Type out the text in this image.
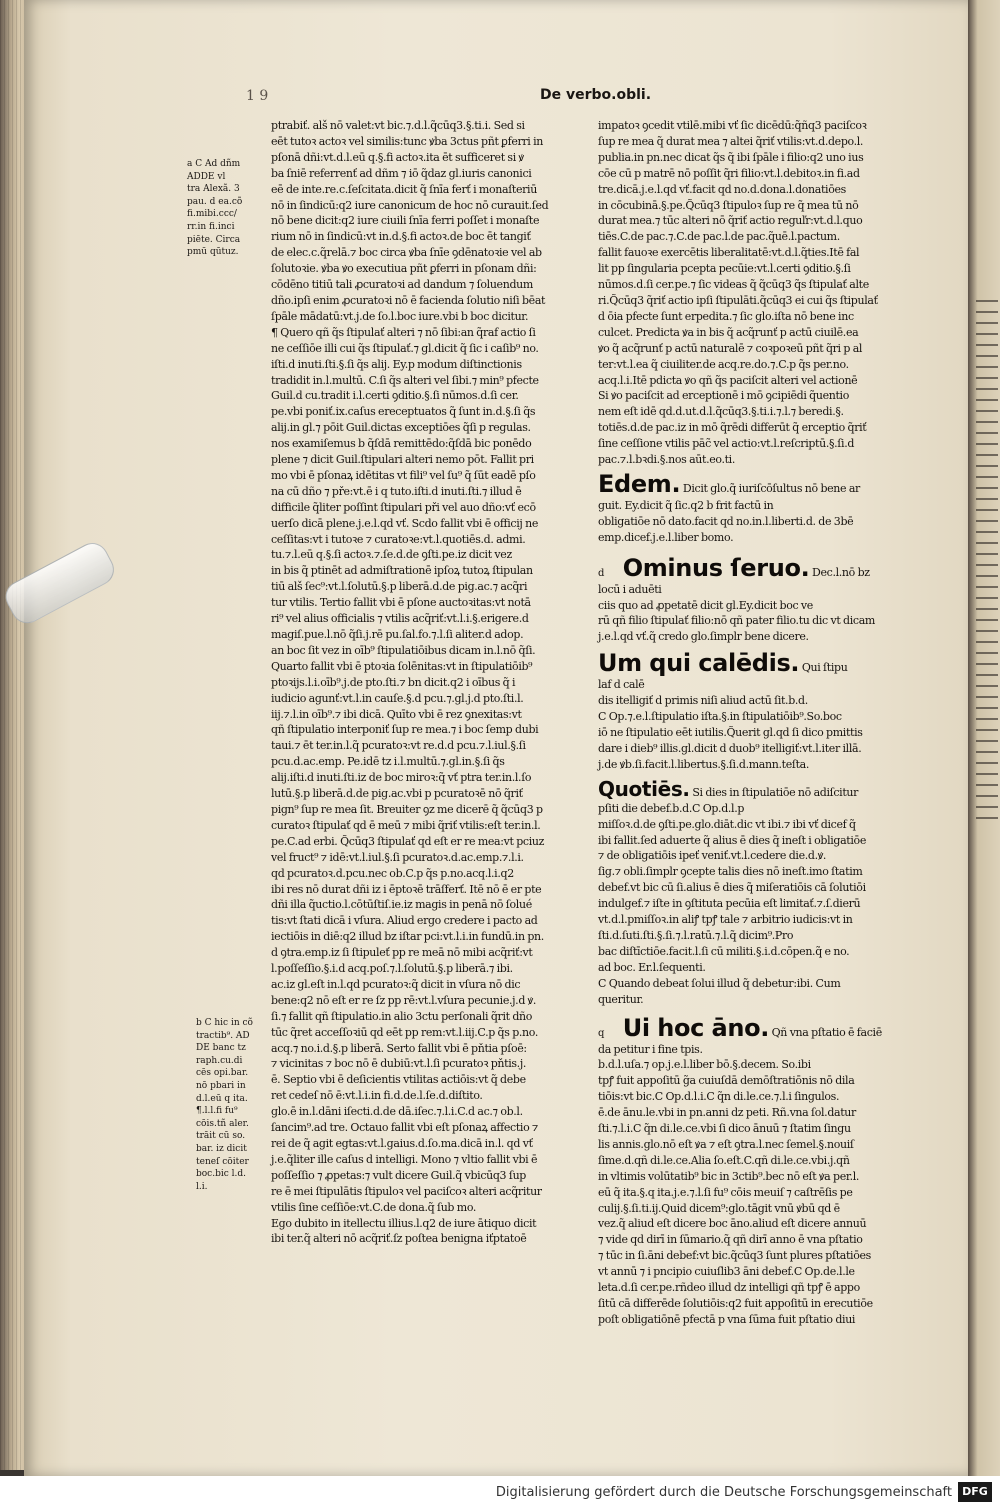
1 9	De verbo.obli.
a C Ad dñm
ADDE vl
tra Alexã. 3
pau. d ea.cõ
fi.mibi.ccc/
rr.in fi.inci
piēte. Circa
pmū qūtuz.
b C hic in cõ
tractib⁹. AD
DE banc tz
raph.cu.di
cēs opi.bar.
nō pbari in
d.l.eū q ita.
¶.l.l.fi fu⁹
cōis.tñ aler.
trāit cū so.
bar. iz dicit
teneſ cōiter
boc.bic l.d.
l.i.
ptrabiť. alš nō valet:vt bic.⁊.d.l.q̃cūq3.§.ti.i. Sed si
eēt tutoꝛ actoꝛ vel similis:tunc ꝟba 3ctus pñt ꝑferri in
pſonā dñi:vt.d.l.eū q.§.fi actoꝛ.ita ēt sufficeret si ꝟ
ba ſniē referrenť ad dñm ⁊ iō q̃daz gl.iuris canonici
eē de inte.re.c.ſeſcitata.dicit q̃ ſnīa ferť i monaſteriū
nō in ſindicū:q2 iure canonicum de hoc nō curauit.ſed
nō bene dicit:q2 iure ciuili ſnīa ferri poſſet i monaſte
rium nō in ſindicū:vt in.d.§.fi actoꝛ.de boc ēt tangiť
de elec.c.q̃relā.⁊ boc circa ꝟba ſnīe ꝯdēnatoꝛie vel ab
ſolutoꝛie. ꝟba ꝟo executiua pñt ꝑferri in pſonam dñi:
cōdēno titiū tali ꝓcuratoꝛi ad dandum ⁊ ſoluendum
dño.ipſi enim ꝓcuratoꝛi nō ē facienda ſolutio niſi bēat
ſpāle mādatū:vt.j.de ſo.l.boc iure.vbi b boc dicitur.
¶ Quero qñ q̃s ſtipulať alteri ⁊ nō ſibi:an q̃raf actio ſi
ne ceſſiōe illi cui q̃s ſtipulať.⁊ gl.dicit q̃ ſic i caſib⁹ no.
iſti.d inuti.ſti.§.ſi q̃s alij. Ey.p modum diſtinctionis
tradidit in.l.multū. C.ſi q̃s alteri vel ſibi.⁊ min⁹ pfecte
Guil.d cu.tradit i.l.certi ꝯditio.§.ſi nūmos.d.ſi cer.
pe.vbi poniť.ix.caſus ereceptuatos q̃ ſunt in.d.§.ſi q̃s
alij.in gl.⁊ pōit Guil.dictas exceptiōes q̃ſi p regulas.
nos examiſemus b q̃ſdā remittēdo:q̃ſdā bic ponēdo
plene ⁊ dicit Guil.ſtipulari alteri nemo pōt. Fallit pri
mo vbi ē pſonaꝝ idētitas vt fili⁹ vel ſu⁹ q̃ ſūt eadē pſo
na cū dño ⁊ pře:vt.ē i q tuto.iſti.d inuti.ſti.⁊ illud ē
difficile q̃liter poſſint ſtipulari při vel auo dño:vť ecō
uerſo dicā plene.j.e.l.qd vť. Scdo fallit vbi ē officij ne
ceſſitas:vt i tutoꝛe ⁊ curatoꝛe:vt.l.quotiēs.d. admi.
tu.⁊.l.eū q.§.ſi actoꝛ.⁊.ſe.d.de ꝯſti.pe.iz dicit vez
in bis q̃ ptinēt ad admiſtrationē ipſoꝝ tutoꝝ ſtipulan
tiū alš ſec⁹:vt.l.ſolutū.§.p liberā.d.de pig.ac.⁊ acq̃ri
tur vtilis. Tertio fallit vbi ē pſone auctoꝛitas:vt notā
ri⁹ vel alius officialis ⁊ vtilis acq̃riť:vt.l.i.§.erigere.d
magiſ.pue.l.nō q̃ſi.j.rē pu.ſal.fo.⁊.l.ſi aliter.d adop.
an boc ſit vez in oīb⁹ ſtipulatiōibus dicam in.l.nō q̃ſi.
Quarto fallit vbi ē ptoꝛia ſolēnitas:vt in ſtipulatiōib⁹
ptoꝛijs.l.i.oīb⁹.j.de pto.ſti.⁊ bn dicit.q2 i oībus q̃ i
iudicio agunť:vt.l.in cauſe.§.d pcu.⁊.gl.j.d pto.ſti.l.
iij.⁊.l.in oīb⁹.⁊ ibi dicā. Quīto vbi ē rez ꝯnexitas:vt
qñ ſtipulatio interponiť ſup re mea.⁊ i boc ſemp dubi
taui.⁊ ēt ter.in.l.q̃ pcuratoꝛ:vt re.d.d pcu.⁊.l.iul.§.ſi
pcu.d.ac.emp. Pe.idē tz i.l.multū.⁊.gl.in.§.ſi q̃s
alij.iſti.d inuti.ſti.iz de boc miroꝛ:q̃ vť ptra ter.in.l.ſo
lutū.§.p liberā.d.de pig.ac.vbi p pcuratoꝛē nō q̃riť
pign⁹ ſup re mea ſit. Breuiter ꝯz me dicerē q̃ q̃cūq3 p
curatoꝛ ſtipulať qd ē meū ⁊ mibi q̃riť vtilis:eſt ter.in.l.
pe.C.ad erbi. Q̃cūq3 ſtipulať qd eſt er re mea:vt pciuz
vel fruct⁹ ⁊ idē:vt.l.iul.§.ſi pcuratoꝛ.d.ac.emp.⁊.l.i.
qd pcuratoꝛ.d.pcu.nec ob.C.p q̃s p.no.acq.l.i.q2
ibi res nō durat dñi iz i ēptoꝛē trāſferť. Itē nō ē er pte
dñi illa q̃uctio.l.cōtūſtiſ.ie.iz magis in penā nō ſolué
tis:vt ſtati dicā i vſura. Aliud ergo credere i pacto ad
iectiōis in diē:q2 illud bz iſtar pci:vt.l.i.in fundū.in pn.
d ꝯtra.emp.iz ſi ſtipuleť pp re meā nō mibi acq̃riť:vt
l.poſſeſſio.§.i.d acq.poſ.⁊.l.ſolutū.§.p liberā.⁊ ibi.
ac.iz gl.eſt in.l.qd pcuratoꝛ:q̃ dicit in vſura nō dic
bene:q2 nō eſt er re ſz pp rē:vt.l.vſura pecunie.j.d ꝟ.
ſi.⁊ fallit qñ ſtipulatio.in alio 3ctu perſonali q̃rit dño
tūc q̃ret acceſſoꝛiū qd eēt pp rem:vt.l.iij.C.p q̃s p.no.
acq.⁊ no.i.d.§.p liberā. Serto fallit vbi ē pňtia pſoē:
⁊ vicinitas ⁊ boc nō ē dubiū:vt.l.ſi pcuratoꝛ pňtis.j.
ē. Septio vbi ē deſicientis vtilitas actiōis:vt q̃ debe
ret cedeſ nō ē:vt.l.i.in fi.d.de.l.ſe.d.diſtito.
glo.ē in.l.dāni iſecti.d.de dā.iſec.⁊.l.i.C.d ac.⁊ ob.l.
ſancim⁹.ad tre. Octauo fallit vbi eſt pſonaꝝ affectio ⁊
rei de q̃ agit egtas:vt.l.gaius.d.ſo.ma.dicā in.l. qd vť
j.e.q̃liter ille caſus d intelligi. Mono ⁊ vltio fallit vbi ē
poſſeſſio ⁊ ꝓpetas:⁊ vult dicere Guil.q̃ vbicūq3 ſup
re ē mei ſtipulātis ſtipuloꝛ vel paciſcoꝛ alteri acq̃ritur
vtilis ſine ceſſiōe:vt.C.de dona.q̃ ſub mo.
Ego dubito in itellectu illius.l.q2 de iure ātiquo dicit
ibi ter.q̃ alteri nō acq̃riť.ſz poſtea benigna iťptatoē
impatoꝛ ꝯcedit vtilē.mibi vť ſic dicēdū:q̃ñq3 paciſcoꝛ
ſup re mea q̃ durat mea ⁊ altei q̃riť vtilis:vt.d.depo.l.
publia.in pn.nec dicat q̃s q̃ ibi ſpāle i filio:q2 uno ius
cōe cū p matrē nō poſſit q̃ri filio:vt.l.debitoꝛ.in fi.ad
tre.dicā.j.e.l.qd vť.facit qd no.d.dona.l.donatiōes
in cōcubinā.§.pe.Q̃cūq3 ſtipuloꝛ ſup re q̃ mea tū nō
durat mea.⁊ tūc alteri nō q̃riť actio reguľr:vt.d.l.quo
tiēs.C.de pac.⁊.C.de pac.l.de pac.q̃uē.l.pactum.
fallit fauoꝛe exercētis liberalitatē:vt.d.l.q̃ties.Itē fal
lit pp ſingularia pcepta pecūie:vt.l.certi ꝯditio.§.ſi
nūmos.d.ſi cer.pe.⁊ ſic videas q̃ q̃cūq3 q̃s ſtipulať alte
ri.Q̃cūq3 q̃riť actio ipſi ſtipulāti.q̃cūq3 ei cui q̃s ſtipulať
d ōia pfecte ſunt erpedita.⁊ ſic glo.iſta nō bene inc
culcet. Predicta ꝟa in bis q̃ acq̃runť p actū ciuilē.ea
ꝟo q̃ acq̃runť p actū naturalē ⁊ coꝛpoꝛeū pñt q̃ri p al
ter:vt.l.ea q̃ ciuiliter.de acq.re.do.⁊.C.p q̃s per.no.
acq.l.i.Itē pdicta ꝟo qñ q̃s paciſcit alteri vel actionē
Si ꝟo paciſcit ad erceptionē i mō ꝯcipiēdi q̃uentio
nem eſt idē qd.d.ut.d.l.q̃cūq3.§.ti.i.⁊.l.⁊ beredi.§.
totiēs.d.de pac.iz in mō q̃rēdi differūt q̃ erceptio q̃riť
ſine ceſſione vtilis pāc̃ vel actio:vt.l.reſcriptū.§.ſi.d
pac.⁊.l.bꝛdi.§.nos aūt.eo.ti.
Edem. Dicit glo.q̃ iuriſcōſultus nō bene ar
guit. Ey.dicit q̃ ſic.q2 b frit factū in
obligatiōe nō dato.facit qd no.in.l.liberti.d. de 3bē
emp.dicef.j.e.l.liber bomo.
d Ominus ſeruo. Dec.l.nō bz
locū i aduēti
ciis quo ad ꝓpetatē dicit gl.Ey.dicit boc ve
rū qñ filio ſtipulať filio:nō qñ pater filio.tu dic vt dicam
j.e.l.qd vť.q̃ credo glo.ſimplr bene dicere.
Um qui calēdis. Qui ſtipu
laf d calē
dis itelligiť d primis niſi aliud actū ſit.b.d.
C Op.⁊.e.l.ſtipulatio iſta.§.in ſtipulatiōib⁹.So.boc
iō ne ſtipulatio eēt iutilis.Q̃uerit gl.qd ſi dico pmittis
dare i dieb⁹ illis.gl.dicit d duob⁹ itelligiť:vt.l.iter illā.
j.de ꝟb.ſi.facit.l.libertus.§.ſi.d.mann.teſta.
Quotiēs. Si dies in ſtipulatiōe nō adiſcitur
pſiti die debef.b.d.C Op.d.l.p
miſſoꝛ.d.de ꝯſti.pe.glo.diāt.dic vt ibi.⁊ ibi vť dicef q̃
ibi fallit.ſed aduerte q̃ alius ē dies q̃ ineſt i obligatiōe
⁊ de obligatiōis ipeť veniť.vt.l.cedere die.d.ꝟ.
ſig.⁊ obli.ſimplr ꝯcepte talis dies nō ineſt.imo ſtatim
debef.vt bic cū ſi.alius ē dies q̃ miſeratiōis cā ſolutiōi
indulgef.⁊ iſte in ꝯſtituta pecūia eſt limitať.⁊.ſ.dierū
vt.d.l.pmiſſoꝛ.in aliꝭ tpꝭ tale ⁊ arbitrio iudicis:vt in
ſti.d.ſuti.ſti.§.ſi.⁊.l.ratū.⁊.l.q̃ dicim⁹.Pro
bac diſtīctiōe.facit.l.ſi cū militi.§.i.d.cōpen.q̃ e no.
ad boc. Er.l.ſequenti.
C Quando debeat ſolui illud q̃ debetur:ibi. Cum
queritur.
q Ui hoc āno. Qñ vna pſtatio ē faciē
da petitur i fine tpis.
b.d.l.uſa.⁊ op.j.e.l.liber bō.§.decem. So.ibi
tpꝭ fuit appoſitū g̃a cuiuſdā demōſtratiōnis nō dila
tiōis:vt bic.C Op.d.l.i.C q̃n di.le.ce.⁊.l.i ſingulos.
ē.de ānu.le.vbi in pn.anni dz peti. Rñ.vna ſol.datur
ſti.⁊.l.i.C q̃n di.le.ce.vbi ſi dico ānuū ⁊ ſtatim ſingu
lis annis.glo.nō eſt ꝟa ⁊ eſt ꝯtra.l.nec ſemel.§.nouiſ
ſime.d.qñ di.le.ce.Alia ſo.eſt.C.qñ di.le.ce.vbi.j.qñ
in vltimis volūtatib⁹ bic in 3ctib⁹.bec nō eſt ꝟa per.l.
eū q̃ ita.§.q ita.j.e.⁊.l.ſi fu⁹ cōis meuiſ ⁊ caſtrēſis pe
culij.§.ſi.ti.ij.Quid dicem⁹:glo.tāgit vnū ꝟbū qd ē
vez.q̃ aliud eſt dicere boc āno.aliud eſt dicere annuū
⁊ vide qd dirī in ſūmario.q̃ qñ dirī anno ē vna pſtatio
⁊ tūc in ſi.āni debef:vt bic.q̃cūq3 ſunt plures pſtatiōes
vt annū ⁊ i pncipio cuiuſlib3 āni debef.C Op.de.l.le
leta.d.ſi cer.pe.rñdeo illud dz intelligi qñ tpꝭ ē appo
ſitū cā differēde ſolutiōis:q2 fuit appoſitū in erecutiōe
poſt obligatiōnē pfectā p vna ſūma fuit pſtatio diui
Digitalisierung gefördert durch die Deutsche Forschungsgemeinschaft DFG
